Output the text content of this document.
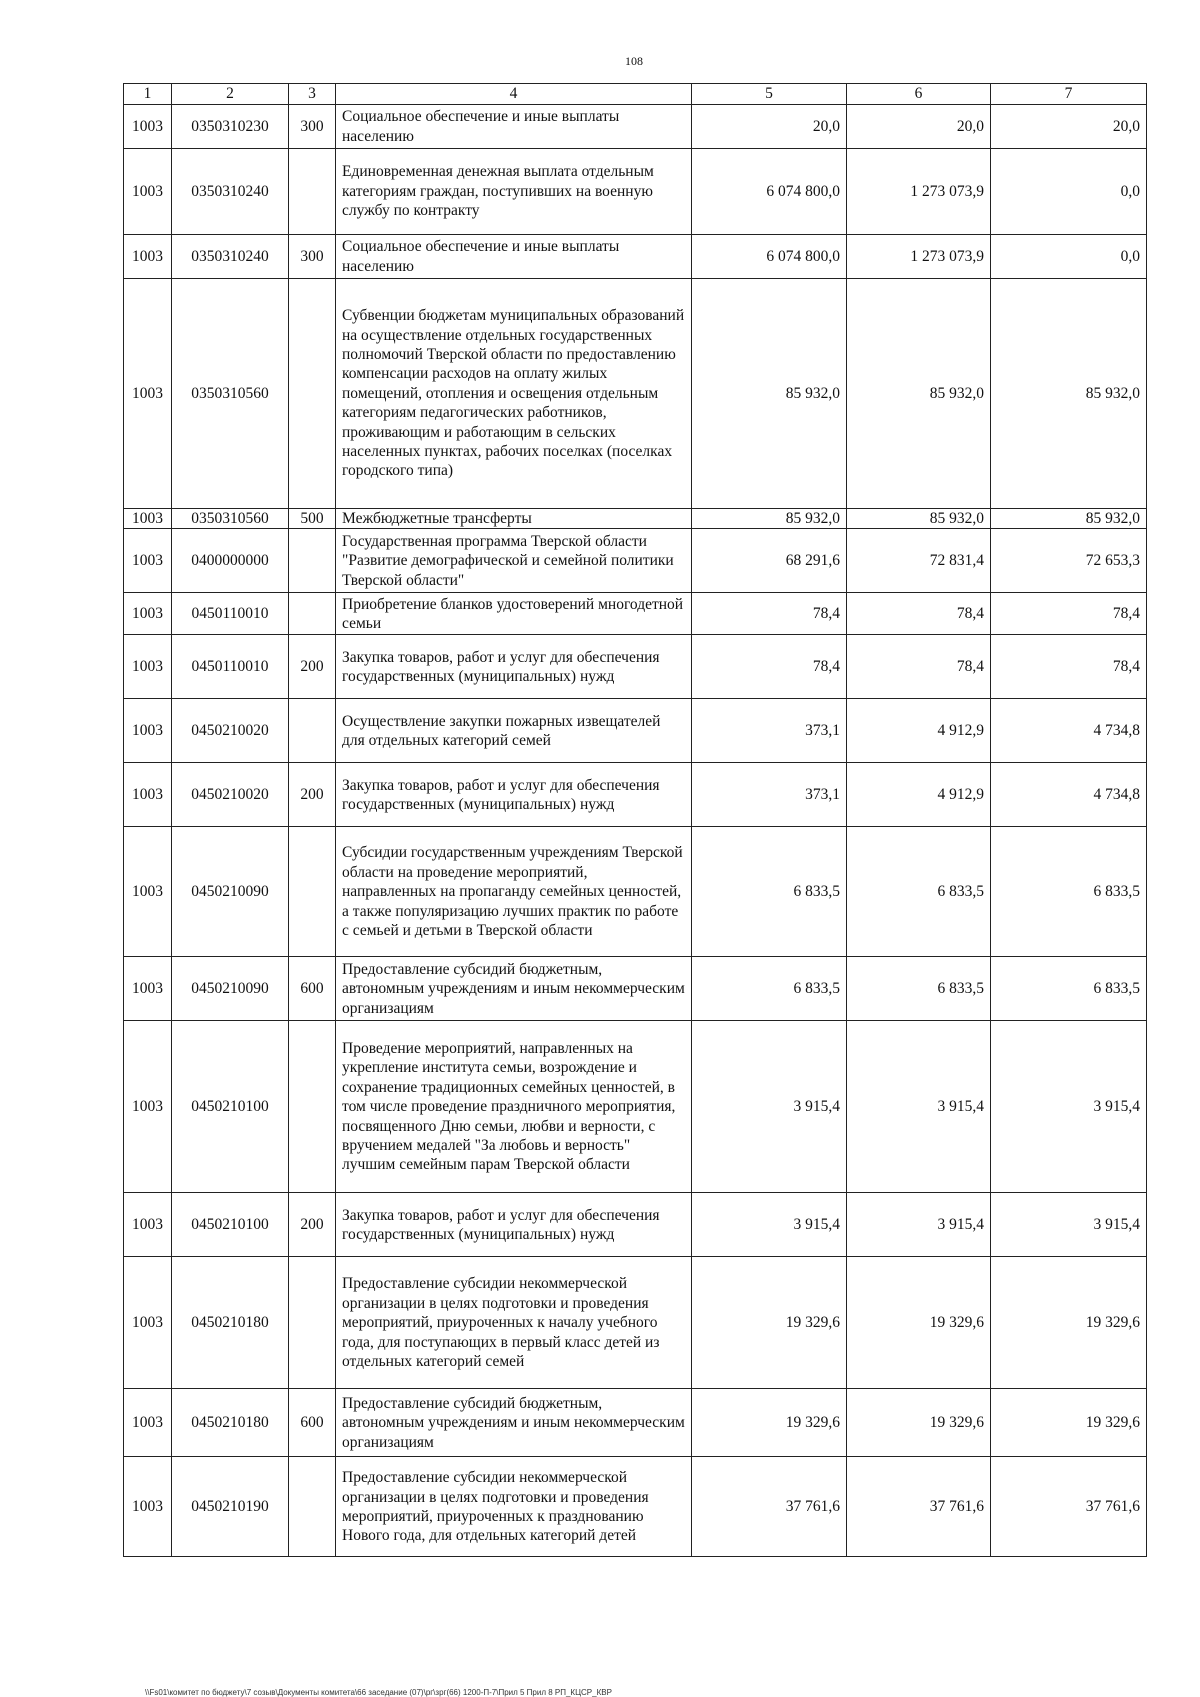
108
1	2	3	4	5	6	7
1003	0350310230	300	Социальное обеспечение и иные выплаты населению	20,0	20,0	20,0
1003	0350310240		Единовременная денежная выплата отдельным категориям граждан, поступивших на военную службу по контракту	6 074 800,0	1 273 073,9	0,0
1003	0350310240	300	Социальное обеспечение и иные выплаты населению	6 074 800,0	1 273 073,9	0,0
1003	0350310560		Субвенции бюджетам муниципальных образований на осуществление отдельных государственных полномочий Тверской области по предоставлению компенсации расходов на оплату жилых помещений, отопления и освещения отдельным категориям педагогических работников, проживающим и работающим в сельских населенных пунктах, рабочих поселках (поселках городского типа)	85 932,0	85 932,0	85 932,0
1003	0350310560	500	Межбюджетные трансферты	85 932,0	85 932,0	85 932,0
1003	0400000000		Государственная программа Тверской области "Развитие демографической и семейной политики Тверской области"	68 291,6	72 831,4	72 653,3
1003	0450110010		Приобретение бланков удостоверений многодетной семьи	78,4	78,4	78,4
1003	0450110010	200	Закупка товаров, работ и услуг для обеспечения государственных (муниципальных) нужд	78,4	78,4	78,4
1003	0450210020		Осуществление закупки пожарных извещателей для отдельных категорий семей	373,1	4 912,9	4 734,8
1003	0450210020	200	Закупка товаров, работ и услуг для обеспечения государственных (муниципальных) нужд	373,1	4 912,9	4 734,8
1003	0450210090		Субсидии государственным учреждениям Тверской области на проведение мероприятий, направленных на пропаганду семейных ценностей, а также популяризацию лучших практик по работе с семьей и детьми в Тверской области	6 833,5	6 833,5	6 833,5
1003	0450210090	600	Предоставление субсидий бюджетным, автономным учреждениям и иным некоммерческим организациям	6 833,5	6 833,5	6 833,5
1003	0450210100		Проведение мероприятий, направленных на укрепление института семьи, возрождение и сохранение традиционных семейных ценностей, в том числе проведение праздничного мероприятия, посвященного Дню семьи, любви и верности, с вручением медалей "За любовь и верность" лучшим семейным парам Тверской области	3 915,4	3 915,4	3 915,4
1003	0450210100	200	Закупка товаров, работ и услуг для обеспечения государственных (муниципальных) нужд	3 915,4	3 915,4	3 915,4
1003	0450210180		Предоставление субсидии некоммерческой организации в целях подготовки и проведения мероприятий, приуроченных к началу учебного года, для поступающих в первый класс детей из отдельных категорий семей	19 329,6	19 329,6	19 329,6
1003	0450210180	600	Предоставление субсидий бюджетным, автономным учреждениям и иным некоммерческим организациям	19 329,6	19 329,6	19 329,6
1003	0450210190		Предоставление субсидии некоммерческой организации в целях подготовки и проведения мероприятий, приуроченных к празднованию Нового года, для отдельных категорий детей	37 761,6	37 761,6	37 761,6
\\Fs01\комитет по бюджету\7 созыв\Документы комитета\66 заседание (07)\рг\зрг(66) 1200-П-7\Прил 5 Прил 8 РП_КЦСР_КВР
